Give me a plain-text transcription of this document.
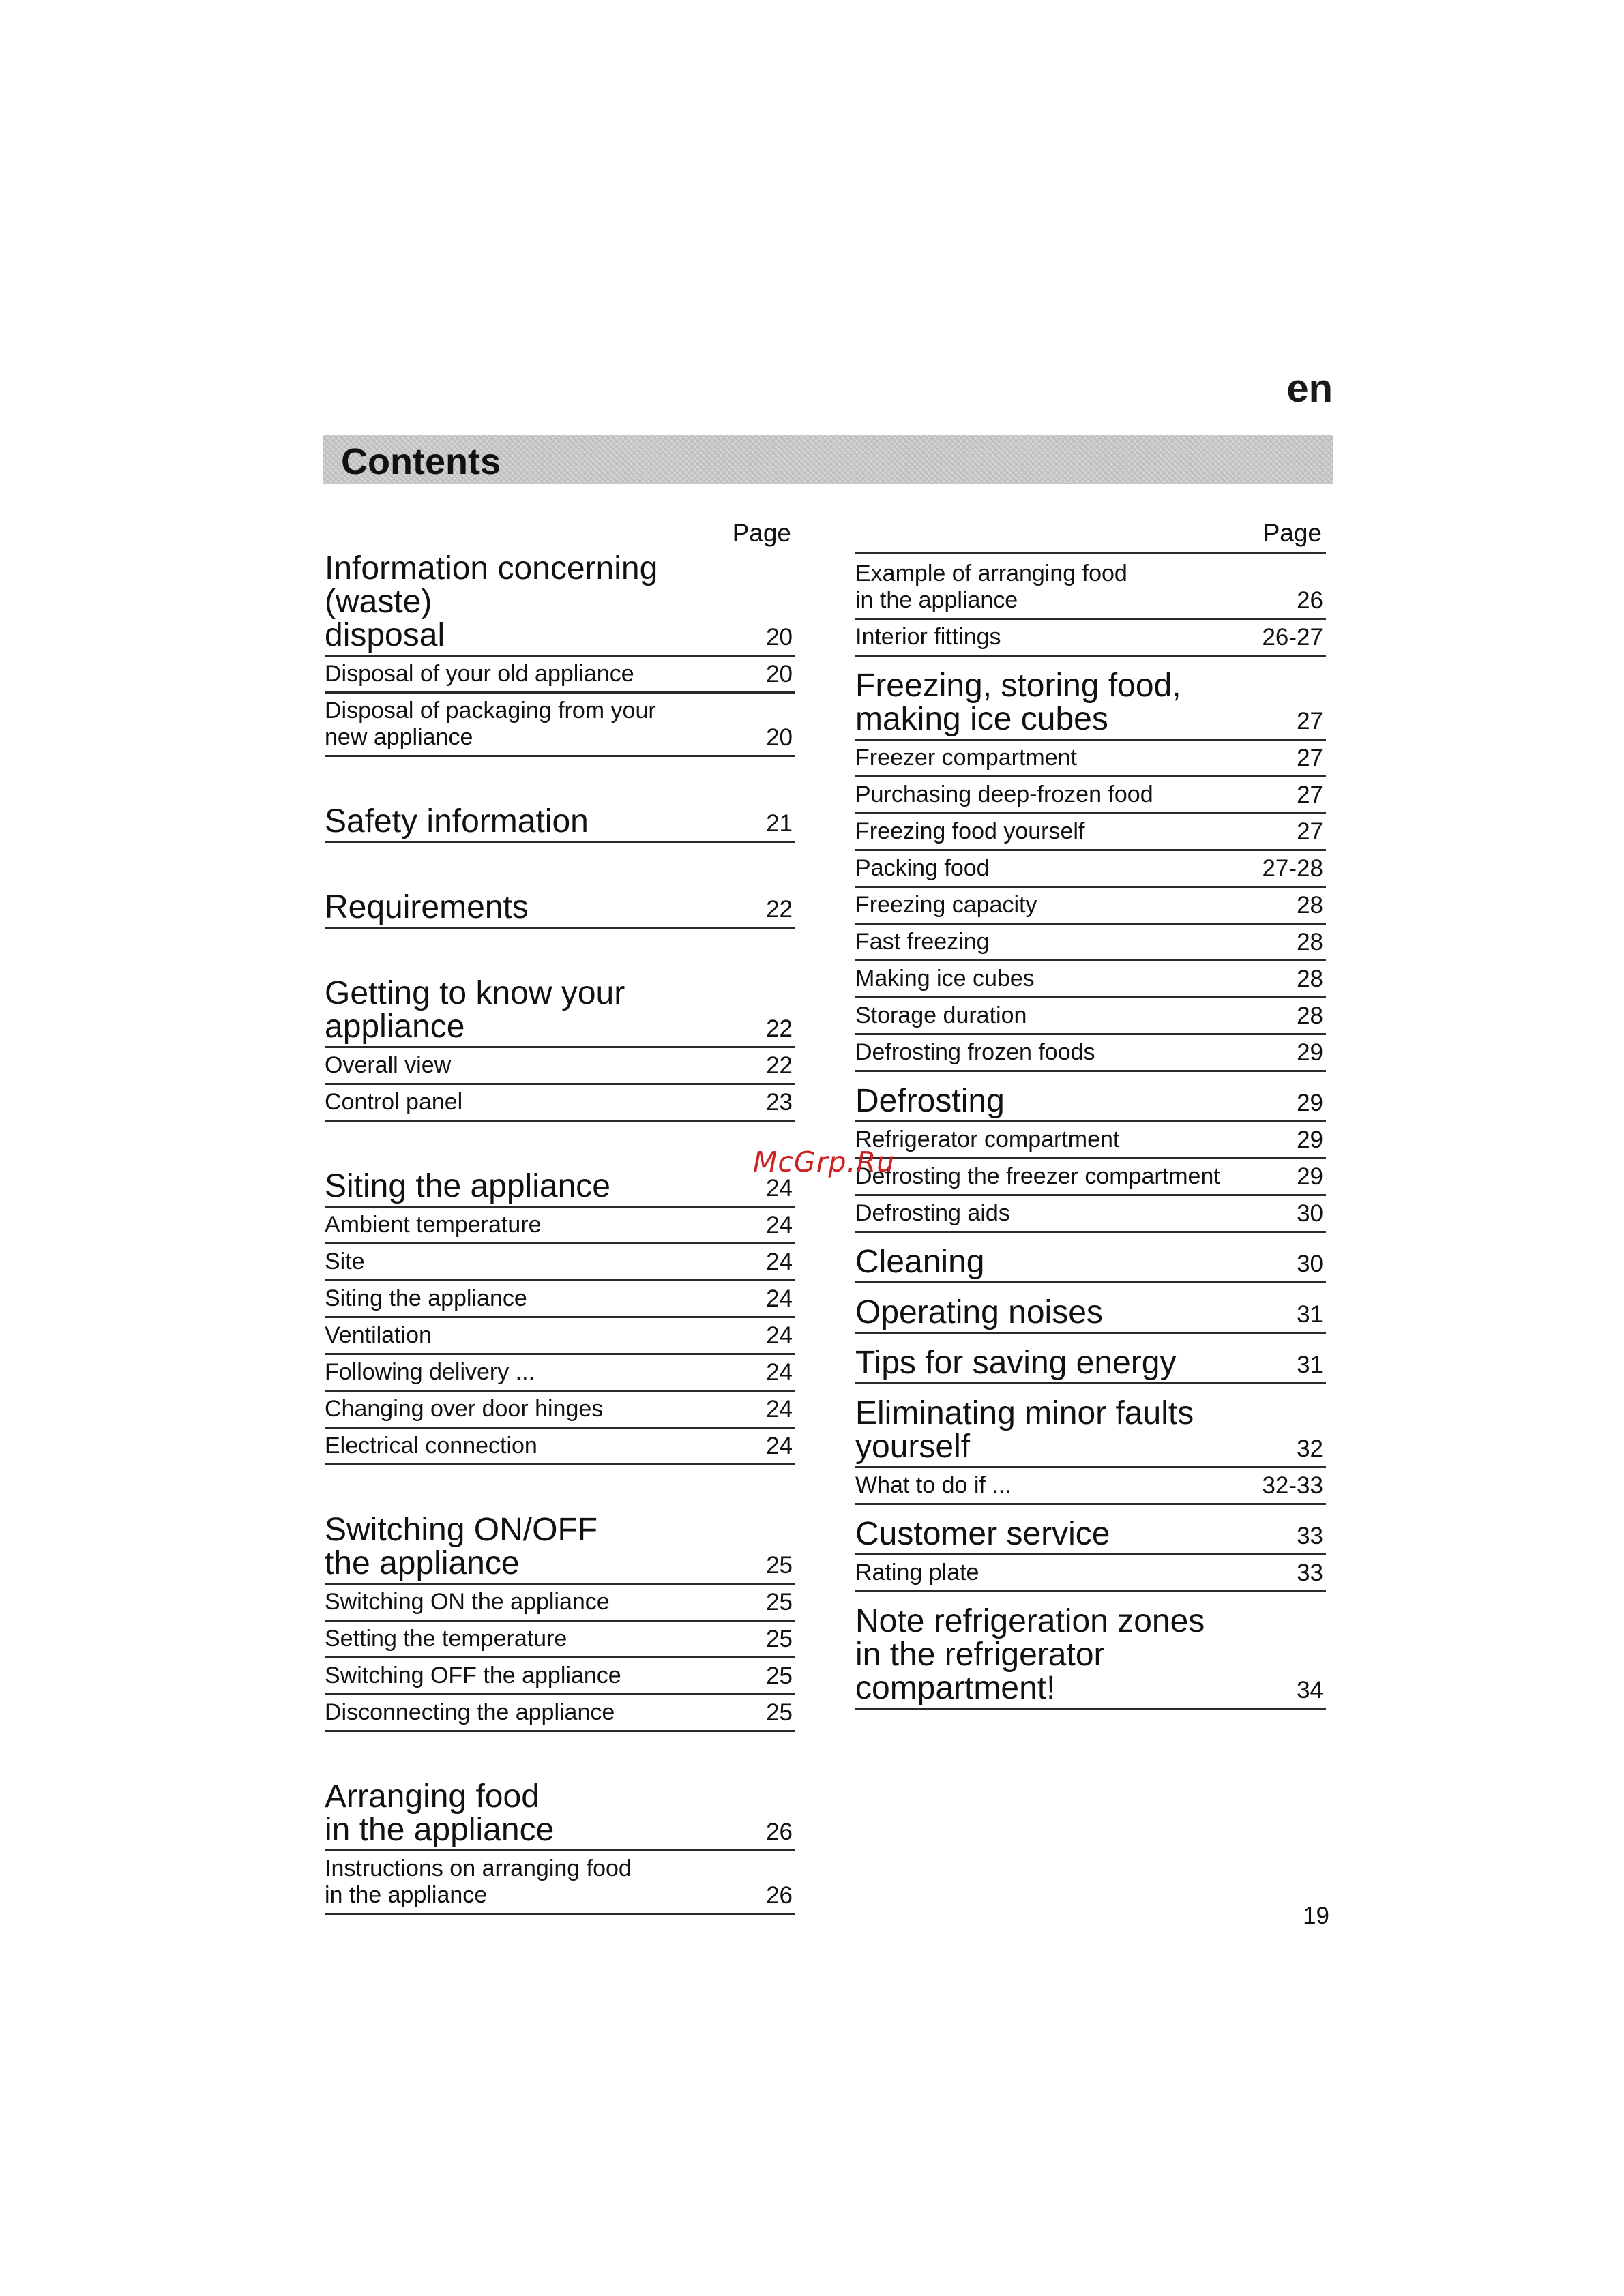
en
Contents
Page
Information concerning (waste)
disposal	20
Disposal of your old appliance	20
Disposal of packaging from your
new appliance	20
Safety information	21
Requirements	22
Getting to know your
appliance	22
Overall view	22
Control panel	23
Siting the appliance	24
Ambient temperature	24
Site	24
Siting the appliance	24
Ventilation	24
Following delivery ...	24
Changing over door hinges	24
Electrical connection	24
Switching ON/OFF
the appliance	25
Switching ON the appliance	25
Setting the temperature	25
Switching OFF the appliance	25
Disconnecting the appliance	25
Arranging food
in the appliance	26
Instructions on arranging food
in the appliance	26
Page
Example of arranging food
in the appliance	26
Interior fittings	26-27
Freezing, storing food,
making ice cubes	27
Freezer compartment	27
Purchasing deep-frozen food	27
Freezing food yourself	27
Packing food	27-28
Freezing capacity	28
Fast freezing	28
Making ice cubes	28
Storage duration	28
Defrosting frozen foods	29
Defrosting	29
Refrigerator compartment	29
Defrosting the freezer compartment	29
Defrosting aids	30
Cleaning	30
Operating noises	31
Tips for saving energy	31
Eliminating minor faults
yourself	32
What to do if ...	32-33
Customer service	33
Rating plate	33
Note refrigeration zones
in the refrigerator
compartment!	34
McGrp.Ru
19
